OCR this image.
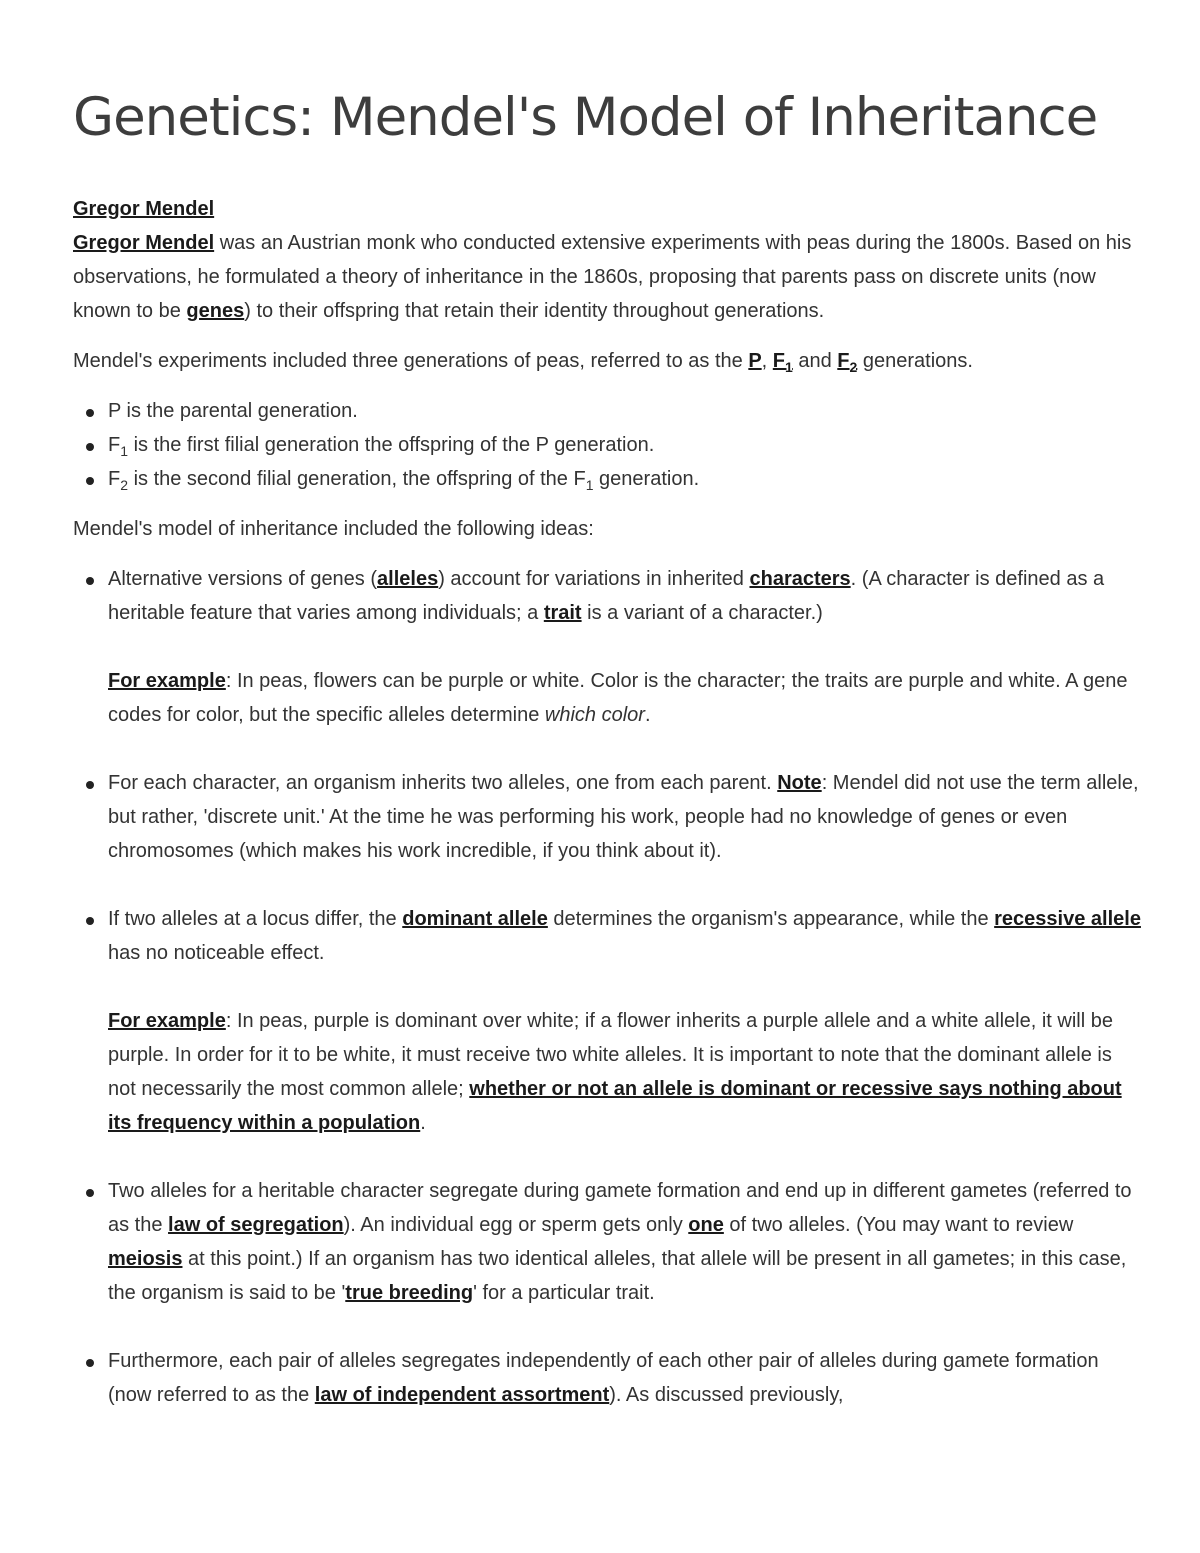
Genetics: Mendel's Model of Inheritance
Gregor Mendel

Gregor Mendel was an Austrian monk who conducted extensive experiments with peas during the 1800s. Based on his observations, he formulated a theory of inheritance in the 1860s, proposing that parents pass on discrete units (now known to be genes) to their offspring that retain their identity throughout generations.

Mendel's experiments included three generations of peas, referred to as the P, $F_1$ and $F_2$ generations.

P is the parental generation.
$F_1$ is the first filial generation the offspring of the P generation.
$F_2$ is the second filial generation, the offspring of the $F_1$ generation.

Mendel's model of inheritance included the following ideas:

Alternative versions of genes (alleles) account for variations in inherited characters. (A character is defined as a heritable feature that varies among individuals; a trait is a variant of a character.)
For example: In peas, flowers can be purple or white. Color is the character; the traits are purple and white. A gene codes for color, but the specific alleles determine which color.
For each character, an organism inherits two alleles, one from each parent. Note: Mendel did not use the term allele, but rather, 'discrete unit.' At the time he was performing his work, people had no knowledge of genes or even chromosomes (which makes his work incredible, if you think about it).
If two alleles at a locus differ, the dominant allele determines the organism's appearance, while the recessive allele has no noticeable effect.
For example: In peas, purple is dominant over white; if a flower inherits a purple allele and a white allele, it will be purple. In order for it to be white, it must receive two white alleles. It is important to note that the dominant allele is not necessarily the most common allele; whether or not an allele is dominant or recessive says nothing about its frequency within a population.
Two alleles for a heritable character segregate during gamete formation and end up in different gametes (referred to as the law of segregation). An individual egg or sperm gets only one of two alleles. (You may want to review meiosis at this point.) If an organism has two identical alleles, that allele will be present in all gametes; in this case, the organism is said to be 'true breeding' for a particular trait.
Furthermore, each pair of alleles segregates independently of each other pair of alleles during gamete formation (now referred to as the law of independent assortment). As discussed previously,
